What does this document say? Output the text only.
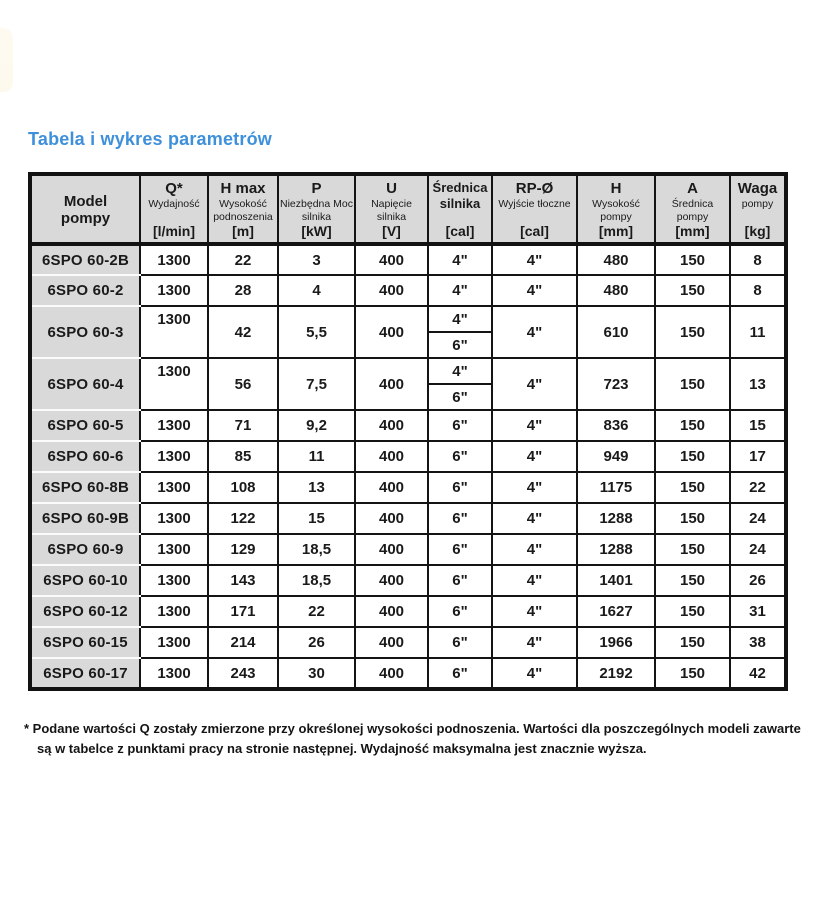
Tabela i wykres parametrów
Model
pompy

Q*
Wydajność
[l/min]

H max
Wysokość podnoszenia
[m]

P
Niezbędna Moc silnika
[kW]

U
Napięcie silnika
[V]

Średnica silnika
[cal]

RP-Ø
Wyjście tłoczne
[cal]

H
Wysokość pompy
[mm]

A
Średnica pompy
[mm]

Waga
pompy
[kg]

6SPO 60-2B	1300	22	3	400	4"	4"	480	150	8
6SPO 60-2	1300	28	4	400	4"	4"	480	150	8
6SPO 60-3	1300	42	5,5	400	4"	4"	610	150	11
					6"				
6SPO 60-4	1300	56	7,5	400	4"	4"	723	150	13
					6"				
6SPO 60-5	1300	71	9,2	400	6"	4"	836	150	15
6SPO 60-6	1300	85	11	400	6"	4"	949	150	17
6SPO 60-8B	1300	108	13	400	6"	4"	1175	150	22
6SPO 60-9B	1300	122	15	400	6"	4"	1288	150	24
6SPO 60-9	1300	129	18,5	400	6"	4"	1288	150	24
6SPO 60-10	1300	143	18,5	400	6"	4"	1401	150	26
6SPO 60-12	1300	171	22	400	6"	4"	1627	150	31
6SPO 60-15	1300	214	26	400	6"	4"	1966	150	38
6SPO 60-17	1300	243	30	400	6"	4"	2192	150	42

* Podane wartości Q zostały zmierzone przy określonej wysokości podnoszenia. Wartości dla poszczególnych modeli zawarte są w tabelce z punktami pracy na stronie następnej. Wydajność maksymalna jest znacznie wyższa.
